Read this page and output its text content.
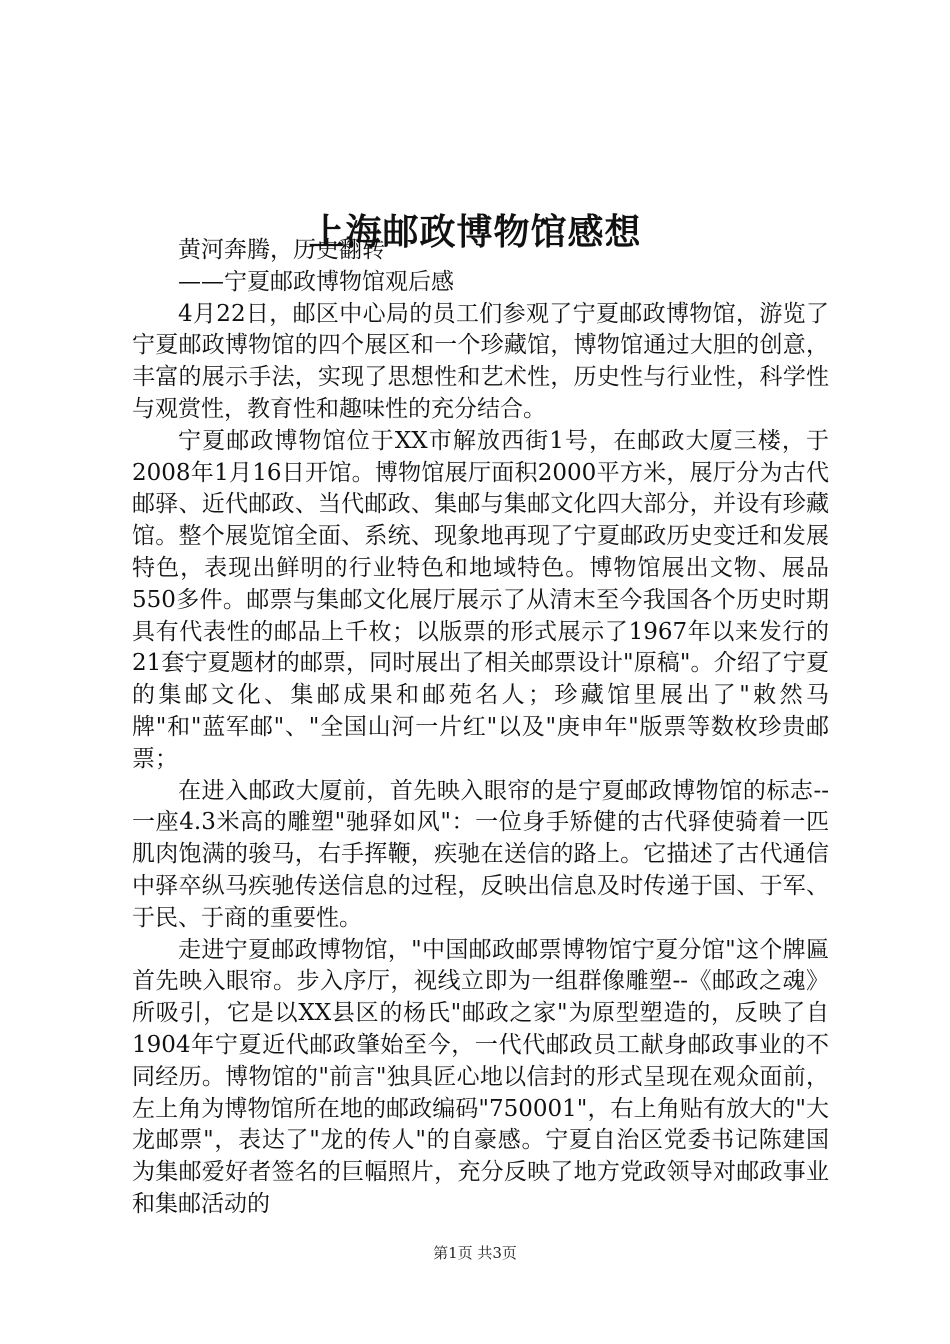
上海邮政博物馆感想

黄河奔腾，历史翻转

——宁夏邮政博物馆观后感

4月22日，邮区中心局的员工们参观了宁夏邮政博物馆，游览了宁夏邮政博物馆的四个展区和一个珍藏馆，博物馆通过大胆的创意，丰富的展示手法，实现了思想性和艺术性，历史性与行业性，科学性与观赏性，教育性和趣味性的充分结合。

宁夏邮政博物馆位于XX市解放西街1号，在邮政大厦三楼，于2008年1月16日开馆。博物馆展厅面积2000平方米，展厅分为古代邮驿、近代邮政、当代邮政、集邮与集邮文化四大部分，并设有珍藏馆。整个展览馆全面、系统、现象地再现了宁夏邮政历史变迁和发展特色，表现出鲜明的行业特色和地域特色。博物馆展出文物、展品550多件。邮票与集邮文化展厅展示了从清末至今我国各个历史时期具有代表性的邮品上千枚；以版票的形式展示了1967年以来发行的21套宁夏题材的邮票，同时展出了相关邮票设计"原稿"。介绍了宁夏的集邮文化、集邮成果和邮苑名人；珍藏馆里展出了"敕然马牌"和"蓝军邮"、"全国山河一片红"以及"庚申年"版票等数枚珍贵邮票；

在进入邮政大厦前，首先映入眼帘的是宁夏邮政博物馆的标志--一座4.3米高的雕塑"驰驿如风"：一位身手矫健的古代驿使骑着一匹肌肉饱满的骏马，右手挥鞭，疾驰在送信的路上。它描述了古代通信中驿卒纵马疾驰传送信息的过程，反映出信息及时传递于国、于军、于民、于商的重要性。

走进宁夏邮政博物馆，"中国邮政邮票博物馆宁夏分馆"这个牌匾首先映入眼帘。步入序厅，视线立即为一组群像雕塑--《邮政之魂》所吸引，它是以XX县区的杨氏"邮政之家"为原型塑造的，反映了自1904年宁夏近代邮政肇始至今，一代代邮政员工献身邮政事业的不同经历。博物馆的"前言"独具匠心地以信封的形式呈现在观众面前，左上角为博物馆所在地的邮政编码"750001"，右上角贴有放大的"大龙邮票"，表达了"龙的传人"的自豪感。宁夏自治区党委书记陈建国为集邮爱好者签名的巨幅照片，充分反映了地方党政领导对邮政事业和集邮活动的

第1页 共3页
